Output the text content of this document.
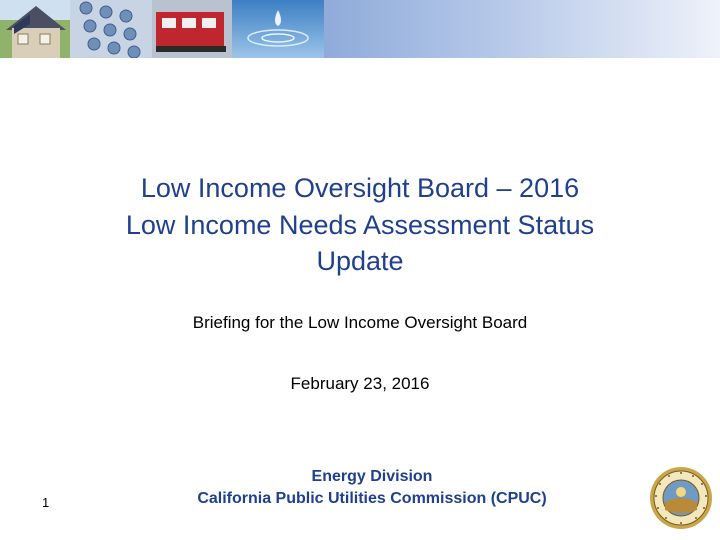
Low Income Oversight Board – 2016
Low Income Needs Assessment Status
Update
Briefing for the Low Income Oversight Board
February 23, 2016
Energy Division
California Public Utilities Commission (CPUC)
1
